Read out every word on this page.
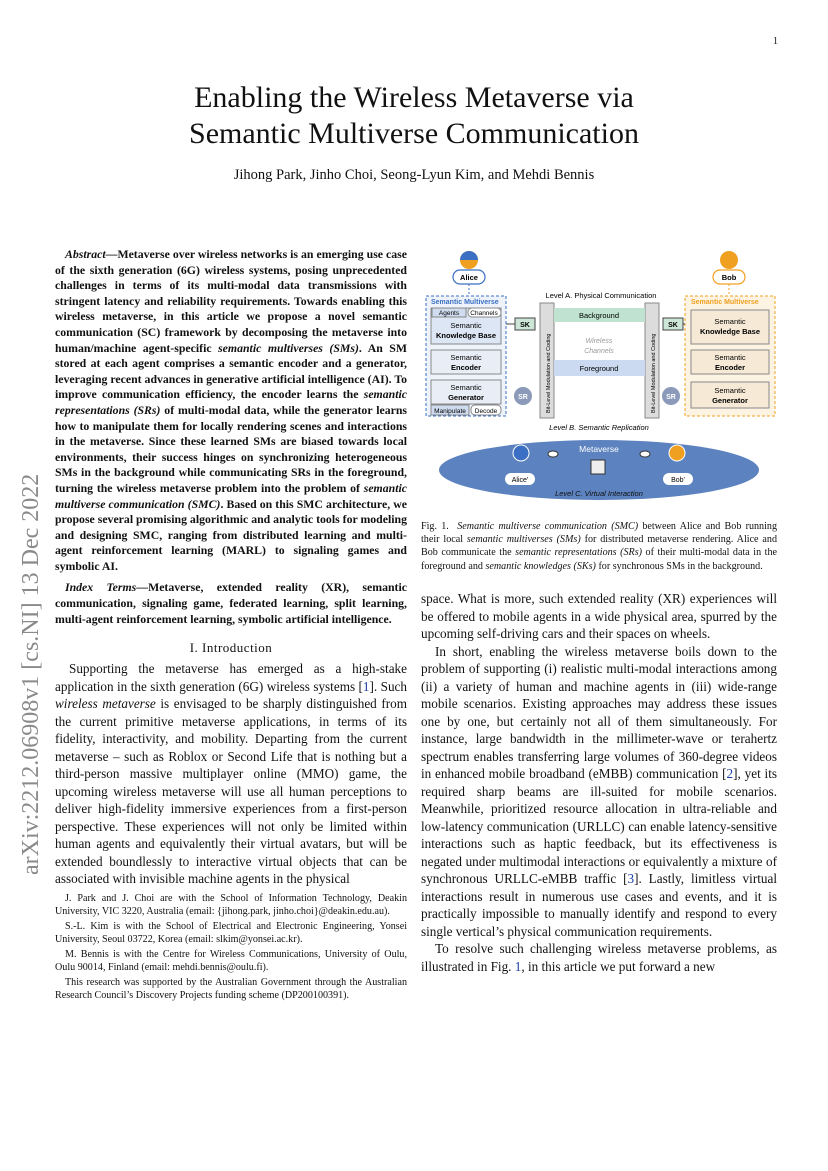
1
Enabling the Wireless Metaverse via
Semantic Multiverse Communication
Jihong Park, Jinho Choi, Seong-Lyun Kim, and Mehdi Bennis
arXiv:2212.06908v1 [cs.NI] 13 Dec 2022

Abstract—Metaverse over wireless networks is an emerging use case of the sixth generation (6G) wireless systems, posing unprecedented challenges in terms of its multi-modal data transmissions with stringent latency and reliability requirements. Towards enabling this wireless metaverse, in this article we propose a novel semantic communication (SC) framework by decomposing the metaverse into human/machine agent-specific semantic multiverses (SMs). An SM stored at each agent comprises a semantic encoder and a generator, leveraging recent advances in generative artificial intelligence (AI). To improve communication efficiency, the encoder learns the semantic representations (SRs) of multi-modal data, while the generator learns how to manipulate them for locally rendering scenes and interactions in the metaverse. Since these learned SMs are biased towards local environments, their success hinges on synchronizing heterogeneous SMs in the background while communicating SRs in the foreground, turning the wireless metaverse problem into the problem of semantic multiverse communication (SMC). Based on this SMC architecture, we propose several promising algorithmic and analytic tools for modeling and designing SMC, ranging from distributed learning and multi-agent reinforcement learning (MARL) to signaling games and symbolic AI.

Index Terms—Metaverse, extended reality (XR), semantic communication, signaling game, federated learning, split learning, multi-agent reinforcement learning, symbolic artificial intelligence.

I. Introduction

Supporting the metaverse has emerged as a high-stake application in the sixth generation (6G) wireless systems [1]. Such wireless metaverse is envisaged to be sharply distinguished from the current primitive metaverse applications, in terms of its fidelity, interactivity, and mobility. Departing from the current metaverse – such as Roblox or Second Life that is nothing but a third-person massive multiplayer online (MMO) game, the upcoming wireless metaverse will use all human perceptions to deliver high-fidelity immersive experiences from a first-person perspective. These experiences will not only be limited within human agents and equivalently their virtual avatars, but will be extended boundlessly to interactive virtual objects that can be associated with invisible machine agents in the physical

J. Park and J. Choi are with the School of Information Technology, Deakin University, VIC 3220, Australia (email: {jihong.park, jinho.choi}@deakin.edu.au).

S.-L. Kim is with the School of Electrical and Electronic Engineering, Yonsei University, Seoul 03722, Korea (email: slkim@yonsei.ac.kr).

M. Bennis is with the Centre for Wireless Communications, University of Oulu, Oulu 90014, Finland (email: mehdi.bennis@oulu.fi).

This research was supported by the Australian Government through the Australian Research Council’s Discovery Projects funding scheme (DP200100391).

Alice	Bob
Level A. Physical Communication
Semantic Multiverse
Agents Channels
Semantic
Knowledge Base
Semantic
Encoder
Semantic
Generator
Manipulate Decode
Semantic Multiverse
Semantic
Knowledge Base
Semantic
Encoder
Semantic
Generator
SK	SK
SR	SR
Bit-Level Modulation and Coding	Bit-Level Modulation and Coding
Background
Wireless
Channels
Foreground
Level B. Semantic Replication
Metaverse
Alice'	Bob'
Level C. Virtual Interaction
Fig. 1. Semantic multiverse communication (SMC) between Alice and Bob running their local semantic multiverses (SMs) for distributed metaverse rendering. Alice and Bob communicate the semantic representations (SRs) of their multi-modal data in the foreground and semantic knowledges (SKs) for synchronous SMs in the background.

space. What is more, such extended reality (XR) experiences will be offered to mobile agents in a wide physical area, spurred by the upcoming self-driving cars and their spaces on wheels.

In short, enabling the wireless metaverse boils down to the problem of supporting (i) realistic multi-modal interactions among (ii) a variety of human and machine agents in (iii) wide-range mobile scenarios. Existing approaches may address these issues one by one, but certainly not all of them simultaneously. For instance, large bandwidth in the millimeter-wave or terahertz spectrum enables transferring large volumes of 360-degree videos in enhanced mobile broadband (eMBB) communication [2], yet its required sharp beams are ill-suited for mobile scenarios. Meanwhile, prioritized resource allocation in ultra-reliable and low-latency communication (URLLC) can enable latency-sensitive interactions such as haptic feedback, but its effectiveness is negated under multimodal interactions or equivalently a mixture of synchronous URLLC-eMBB traffic [3]. Lastly, limitless virtual interactions result in numerous use cases and events, and it is practically impossible to manually identify and respond to every single vertical’s physical communication requirements.

To resolve such challenging wireless metaverse problems, as illustrated in Fig. 1, in this article we put forward a new
